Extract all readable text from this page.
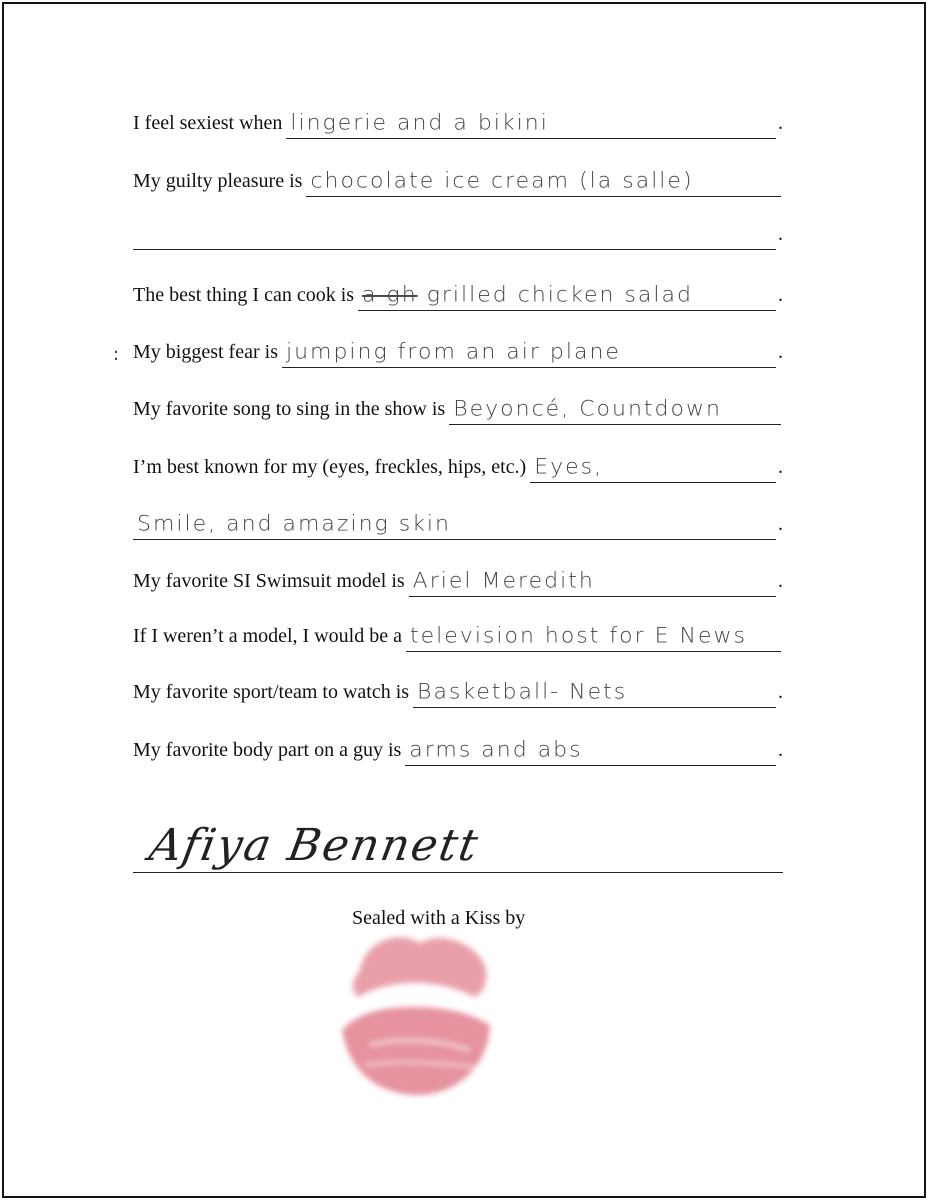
:
I feel sexiest when lingerie and a bikini	.
My guilty pleasure is chocolate ice cream (la salle)
.
The best thing I can cook is a gh grilled chicken salad	.
My biggest fear is jumping from an air plane	.
My favorite song to sing in the show is Beyoncé, Countdown
I’m best known for my (eyes, freckles, hips, etc.) Eyes,	.
Smile, and amazing skin	.
My favorite SI Swimsuit model is Ariel Meredith	.
If I weren’t a model, I would be a television host for E News
My favorite sport/team to watch is Basketball- Nets	.
My favorite body part on a guy is arms and abs	.
Afiya Bennett
Sealed with a Kiss by
